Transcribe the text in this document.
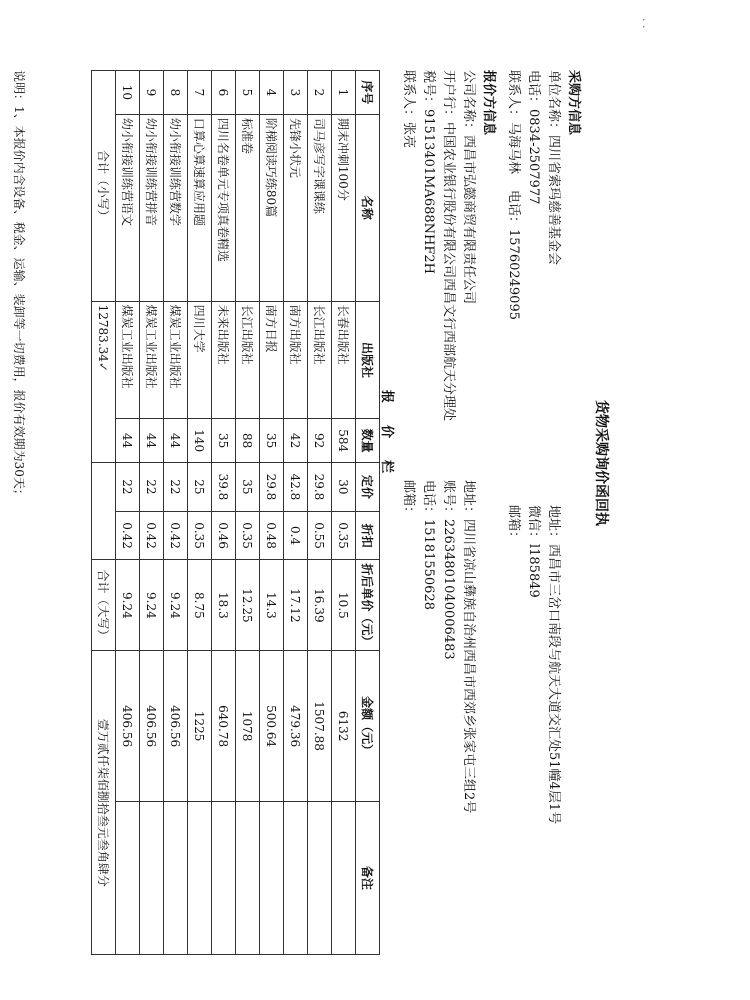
· ·
货物采购询价函回执
采购方信息
单位名称：四川省索玛慈善基金会
电话：0834-2507977
联系人：马海马林
电话：15760249095
报价方信息
公司名称：西昌市弘懿商贸有限责任公司
开户行：中国农业银行股份有限公司西昌文行西部航天分理处
税号：91513401MA688NHF2H
联系人：张亮
地址：西昌市三岔口南段与航天大道交汇处51幢4层1号
微信：l185849
邮箱：
地址：四川省凉山彝族自治州西昌市西郊乡张家屯三组2号
账号：22634801040006483
电话：15181550628
邮箱：
报价栏
序号	名称	出版社	数量	定价	折扣	折后单价（元）	金额（元）	备注
1	期末冲刺100分	长春出版社	584	30	0.35	10.5	6132	
2	司马彦写字课课练	长江出版社	92	29.8	0.55	16.39	1507.88	
3	先锋小状元	南方出版社	42	42.8	0.4	17.12	479.36	
4	阶梯阅读巧练80篇	南方日报	35	29.8	0.48	14.3	500.64	
5	标准卷	长江出版社	88	35	0.35	12.25	1078	
6	四川名卷单元专项真卷精选	未来出版社	35	39.8	0.46	18.3	640.78	
7	口算心算速算应用题	四川大学	140	25	0.35	8.75	1225	
8	幼小衔接训练营数学	煤炭工业出版社	44	22	0.42	9.24	406.56	
9	幼小衔接训练营拼音	煤炭工业出版社	44	22	0.42	9.24	406.56	
10	幼小衔接训练营语文	煤炭工业出版社	44	22	0.42	9.24	406.56	
合计（小写）		12783.34✓				合计（大写）	壹万贰仟柒佰捌拾叁元叁角肆分	
说明：1、本报价内含设备、税金、运输、装卸等一切费用，报价有效期为30天；
